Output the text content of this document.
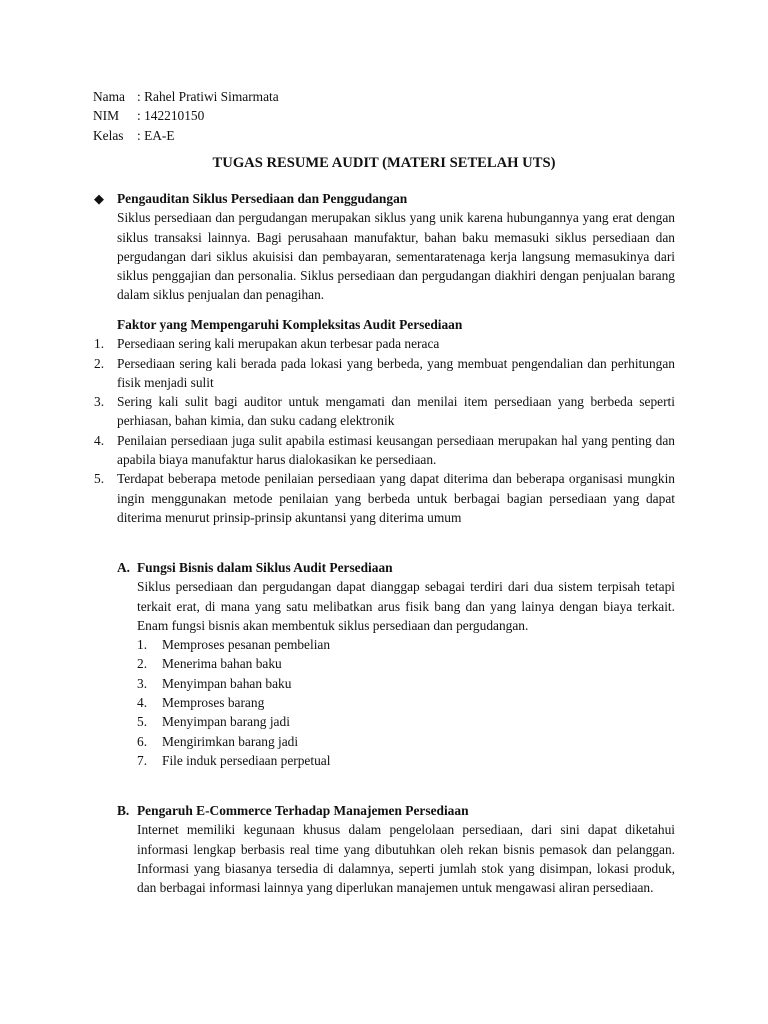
Nama : Rahel Pratiwi Simarmata
NIM	: 142210150
Kelas	: EA-E
TUGAS RESUME AUDIT (MATERI SETELAH UTS)
◆ Pengauditan Siklus Persediaan dan Penggudangan
Siklus persediaan dan pergudangan merupakan siklus yang unik karena hubungannya yang erat dengan siklus transaksi lainnya. Bagi perusahaan manufaktur, bahan baku memasuki siklus persediaan dan pergudangan dari siklus akuisisi dan pembayaran, sementaratenaga kerja langsung memasukinya dari siklus penggajian dan personalia. Siklus persediaan dan pergudangan diakhiri dengan penjualan barang dalam siklus penjualan dan penagihan.
Faktor yang Mempengaruhi Kompleksitas Audit Persediaan
1. Persediaan sering kali merupakan akun terbesar pada neraca
2. Persediaan sering kali berada pada lokasi yang berbeda, yang membuat pengendalian dan perhitungan fisik menjadi sulit
3. Sering kali sulit bagi auditor untuk mengamati dan menilai item persediaan yang berbeda seperti perhiasan, bahan kimia, dan suku cadang elektronik
4. Penilaian persediaan juga sulit apabila estimasi keusangan persediaan merupakan hal yang penting dan apabila biaya manufaktur harus dialokasikan ke persediaan.
5. Terdapat beberapa metode penilaian persediaan yang dapat diterima dan beberapa organisasi mungkin ingin menggunakan metode penilaian yang berbeda untuk berbagai bagian persediaan yang dapat diterima menurut prinsip-prinsip akuntansi yang diterima umum
A. Fungsi Bisnis dalam Siklus Audit Persediaan
Siklus persediaan dan pergudangan dapat dianggap sebagai terdiri dari dua sistem terpisah tetapi terkait erat, di mana yang satu melibatkan arus fisik bang dan yang lainya dengan biaya terkait. Enam fungsi bisnis akan membentuk siklus persediaan dan pergudangan.
1. Memproses pesanan pembelian
2. Menerima bahan baku
3. Menyimpan bahan baku
4. Memproses barang
5. Menyimpan barang jadi
6. Mengirimkan barang jadi
7. File induk persediaan perpetual
B. Pengaruh E-Commerce Terhadap Manajemen Persediaan
Internet memiliki kegunaan khusus dalam pengelolaan persediaan, dari sini dapat diketahui informasi lengkap berbasis real time yang dibutuhkan oleh rekan bisnis pemasok dan pelanggan. Informasi yang biasanya tersedia di dalamnya, seperti jumlah stok yang disimpan, lokasi produk, dan berbagai informasi lainnya yang diperlukan manajemen untuk mengawasi aliran persediaan.
